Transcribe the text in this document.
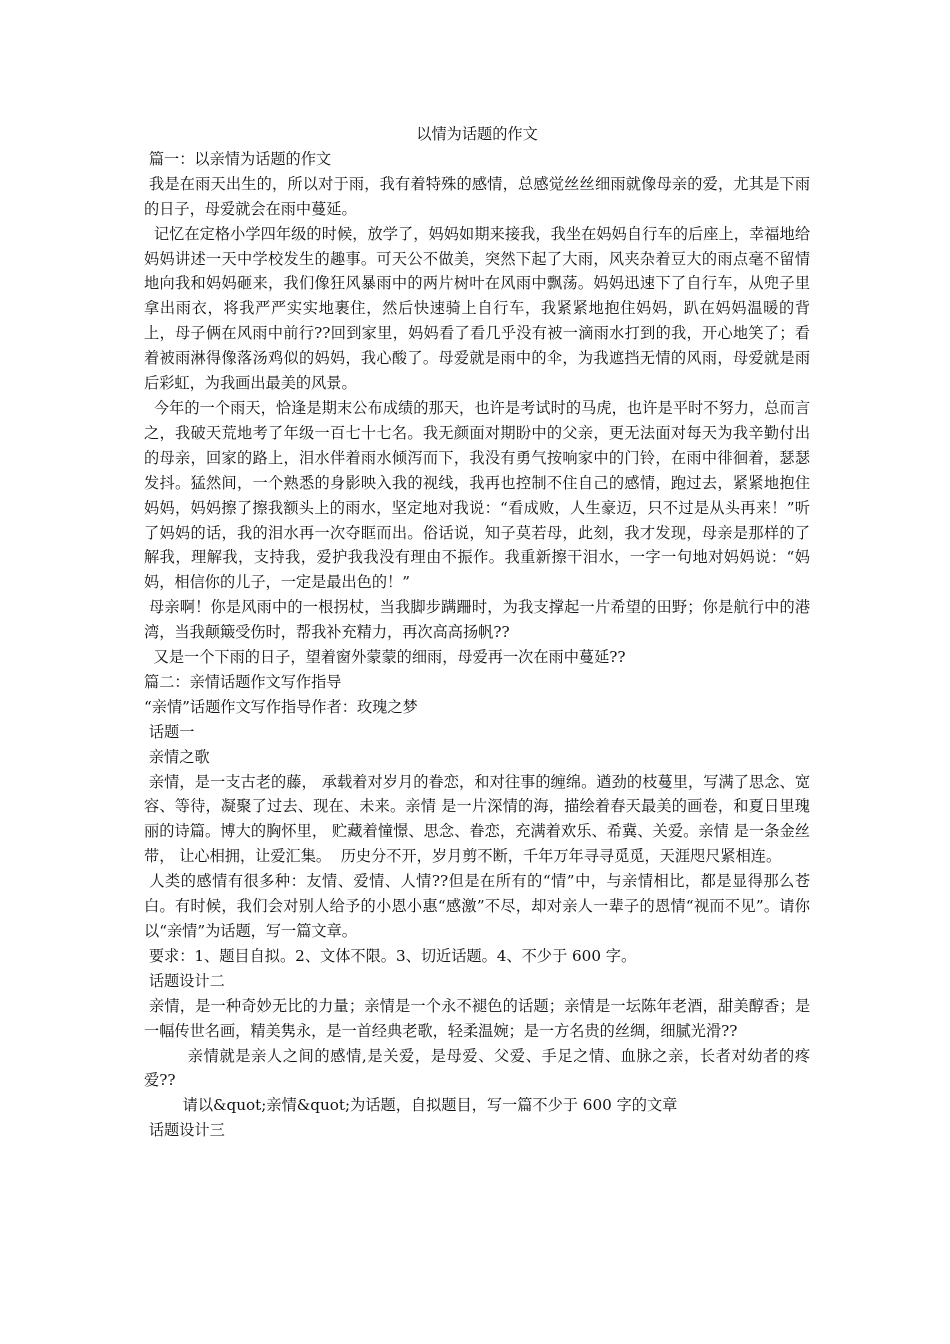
以情为话题的作文

篇一：以亲情为话题的作文

我是在雨天出生的，所以对于雨，我有着特殊的感情，总感觉丝丝细雨就像母亲的爱，尤其是下雨的日子，母爱就会在雨中蔓延。

记忆在定格小学四年级的时候，放学了，妈妈如期来接我，我坐在妈妈自行车的后座上，幸福地给妈妈讲述一天中学校发生的趣事。可天公不做美，突然下起了大雨，风夹杂着豆大的雨点毫不留情地向我和妈妈砸来，我们像狂风暴雨中的两片树叶在风雨中飘荡。妈妈迅速下了自行车，从兜子里拿出雨衣，将我严严实实地裹住，然后快速骑上自行车，我紧紧地抱住妈妈，趴在妈妈温暖的背上，母子俩在风雨中前行??回到家里，妈妈看了看几乎没有被一滴雨水打到的我，开心地笑了；看着被雨淋得像落汤鸡似的妈妈，我心酸了。母爱就是雨中的伞，为我遮挡无情的风雨，母爱就是雨后彩虹，为我画出最美的风景。

今年的一个雨天，恰逢是期末公布成绩的那天，也许是考试时的马虎，也许是平时不努力，总而言之，我破天荒地考了年级一百七十七名。我无颜面对期盼中的父亲，更无法面对每天为我辛勤付出的母亲，回家的路上，泪水伴着雨水倾泻而下，我没有勇气按响家中的门铃，在雨中徘徊着，瑟瑟发抖。猛然间，一个熟悉的身影映入我的视线，我再也控制不住自己的感情，跑过去，紧紧地抱住妈妈，妈妈擦了擦我额头上的雨水，坚定地对我说：“看成败，人生豪迈，只不过是从头再来！”听了妈妈的话，我的泪水再一次夺眶而出。俗话说，知子莫若母，此刻，我才发现，母亲是那样的了解我，理解我，支持我，爱护我我没有理由不振作。我重新擦干泪水，一字一句地对妈妈说：“妈妈，相信你的儿子，一定是最出色的！”

母亲啊！你是风雨中的一根拐杖，当我脚步蹒跚时，为我支撑起一片希望的田野；你是航行中的港湾，当我颠簸受伤时，帮我补充精力，再次高高扬帆??

又是一个下雨的日子，望着窗外蒙蒙的细雨，母爱再一次在雨中蔓延??

篇二：亲情话题作文写作指导

“亲情”话题作文写作指导作者：玫瑰之梦

话题一

亲情之歌

亲情，是一支古老的藤， 承载着对岁月的眷恋，和对往事的缠绵。遒劲的枝蔓里，写满了思念、宽容、等待，凝聚了过去、现在、未来。亲情 是一片深情的海，描绘着春天最美的画卷，和夏日里瑰丽的诗篇。博大的胸怀里， 贮藏着憧憬、思念、眷恋，充满着欢乐、希冀、关爱。亲情 是一条金丝带， 让心相拥，让爱汇集。  历史分不开，岁月剪不断，千年万年寻寻觅觅，天涯咫尺紧相连。

人类的感情有很多种：友情、爱情、人情??但是在所有的“情”中，与亲情相比，都是显得那么苍白。有时候，我们会对别人给予的小恩小惠“感激”不尽，却对亲人一辈子的恩情“视而不见”。请你以“亲情”为话题，写一篇文章。

要求：1、题目自拟。2、文体不限。3、切近话题。4、不少于 600 字。

话题设计二

亲情，是一种奇妙无比的力量；亲情是一个永不褪色的话题；亲情是一坛陈年老酒，甜美醇香；是一幅传世名画，精美隽永，是一首经典老歌，轻柔温婉；是一方名贵的丝绸，细腻光滑??

亲情就是亲人之间的感情,是关爱，是母爱、父爱、手足之情、血脉之亲，长者对幼者的疼爱??

请以&quot;亲情&quot;为话题，自拟题目，写一篇不少于 600 字的文章

话题设计三
